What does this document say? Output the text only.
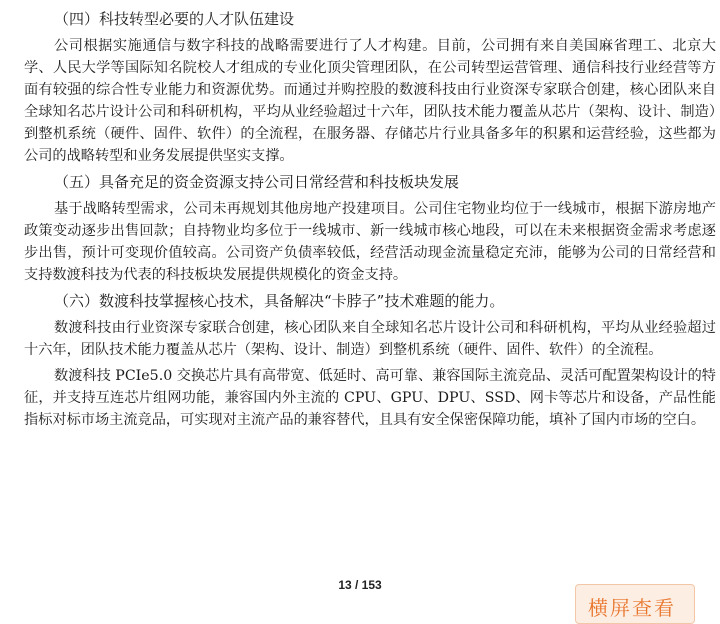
（四）科技转型必要的人才队伍建设

公司根据实施通信与数字科技的战略需要进行了人才构建。目前，公司拥有来自美国麻省理工、北京大学、人民大学等国际知名院校人才组成的专业化顶尖管理团队，在公司转型运营管理、通信科技行业经营等方面有较强的综合性专业能力和资源优势。而通过并购控股的数渡科技由行业资深专家联合创建，核心团队来自全球知名芯片设计公司和科研机构，平均从业经验超过十六年，团队技术能力覆盖从芯片（架构、设计、制造）到整机系统（硬件、固件、软件）的全流程，在服务器、存储芯片行业具备多年的积累和运营经验，这些都为公司的战略转型和业务发展提供坚实支撑。

（五）具备充足的资金资源支持公司日常经营和科技板块发展

基于战略转型需求，公司未再规划其他房地产投建项目。公司住宅物业均位于一线城市，根据下游房地产政策变动逐步出售回款；自持物业均多位于一线城市、新一线城市核心地段，可以在未来根据资金需求考虑逐步出售，预计可变现价值较高。公司资产负债率较低，经营活动现金流量稳定充沛，能够为公司的日常经营和支持数渡科技为代表的科技板块发展提供规模化的资金支持。

（六）数渡科技掌握核心技术，具备解决“卡脖子”技术难题的能力。

数渡科技由行业资深专家联合创建，核心团队来自全球知名芯片设计公司和科研机构，平均从业经验超过十六年，团队技术能力覆盖从芯片（架构、设计、制造）到整机系统（硬件、固件、软件）的全流程。

数渡科技 PCIe5.0 交换芯片具有高带宽、低延时、高可靠、兼容国际主流竞品、灵活可配置架构设计的特征，并支持互连芯片组网功能，兼容国内外主流的 CPU、GPU、DPU、SSD、网卡等芯片和设备，产品性能指标对标市场主流竞品，可实现对主流产品的兼容替代，且具有安全保密保障功能，填补了国内市场的空白。

13 / 153
横屏查看
